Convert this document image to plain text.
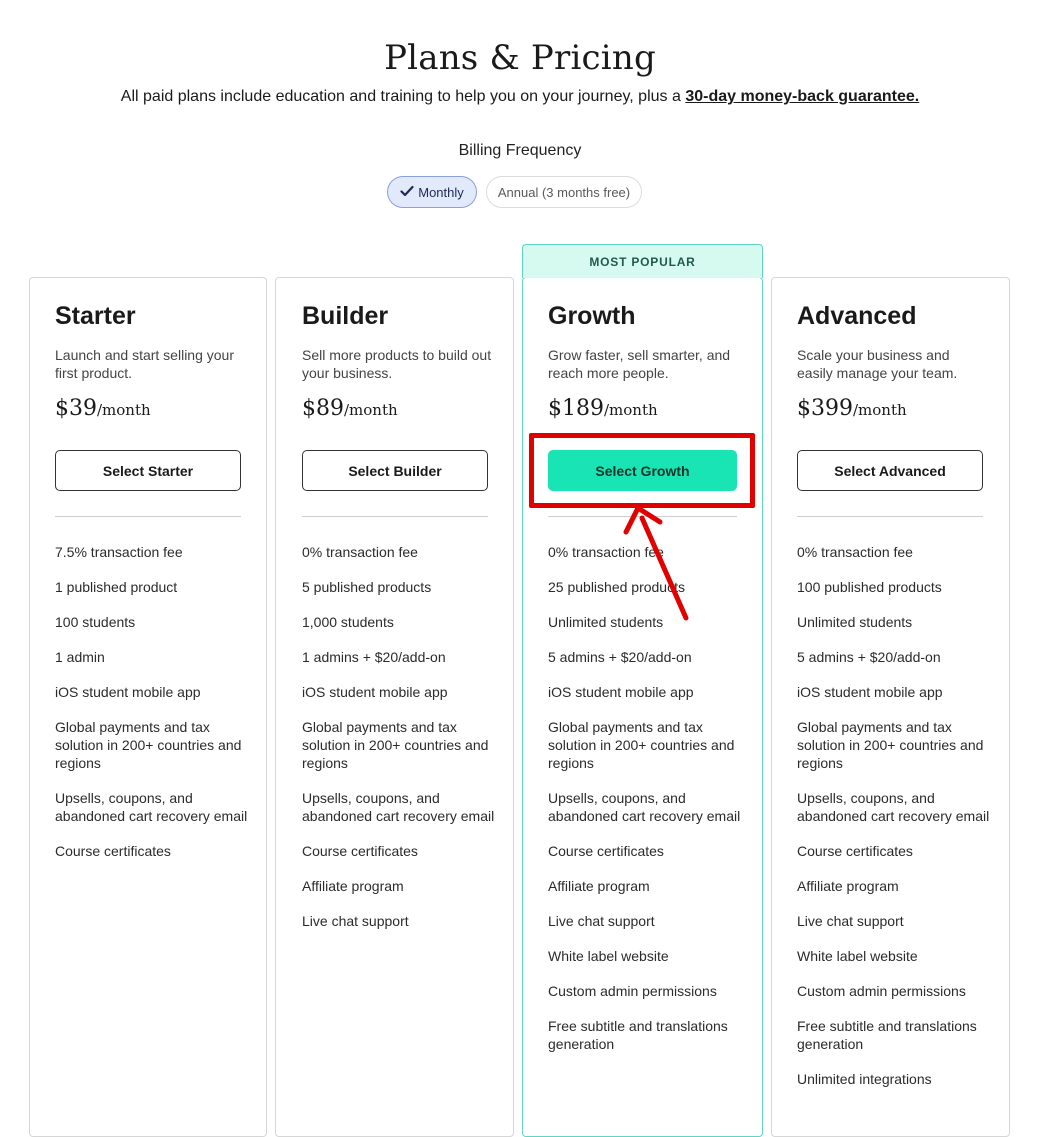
Plans & Pricing
All paid plans include education and training to help you on your journey, plus a 30-day money-back guarantee.
Billing Frequency
Monthly	Annual (3 months free)
MOST POPULAR
Starter
Launch and start selling your first product.
$39/month
Select Starter
7.5% transaction fee
1 published product
100 students
1 admin
iOS student mobile app
Global payments and tax solution in 200+ countries and regions
Upsells, coupons, and abandoned cart recovery email
Course certificates
Builder
Sell more products to build out your business.
$89/month
Select Builder
0% transaction fee
5 published products
1,000 students
1 admins + $20/add-on
iOS student mobile app
Global payments and tax solution in 200+ countries and regions
Upsells, coupons, and abandoned cart recovery email
Course certificates
Affiliate program
Live chat support
Growth
Grow faster, sell smarter, and reach more people.
$189/month
Select Growth
0% transaction fee
25 published products
Unlimited students
5 admins + $20/add-on
iOS student mobile app
Global payments and tax solution in 200+ countries and regions
Upsells, coupons, and abandoned cart recovery email
Course certificates
Affiliate program
Live chat support
White label website
Custom admin permissions
Free subtitle and translations generation
Advanced
Scale your business and easily manage your team.
$399/month
Select Advanced
0% transaction fee
100 published products
Unlimited students
5 admins + $20/add-on
iOS student mobile app
Global payments and tax solution in 200+ countries and regions
Upsells, coupons, and abandoned cart recovery email
Course certificates
Affiliate program
Live chat support
White label website
Custom admin permissions
Free subtitle and translations generation
Unlimited integrations
